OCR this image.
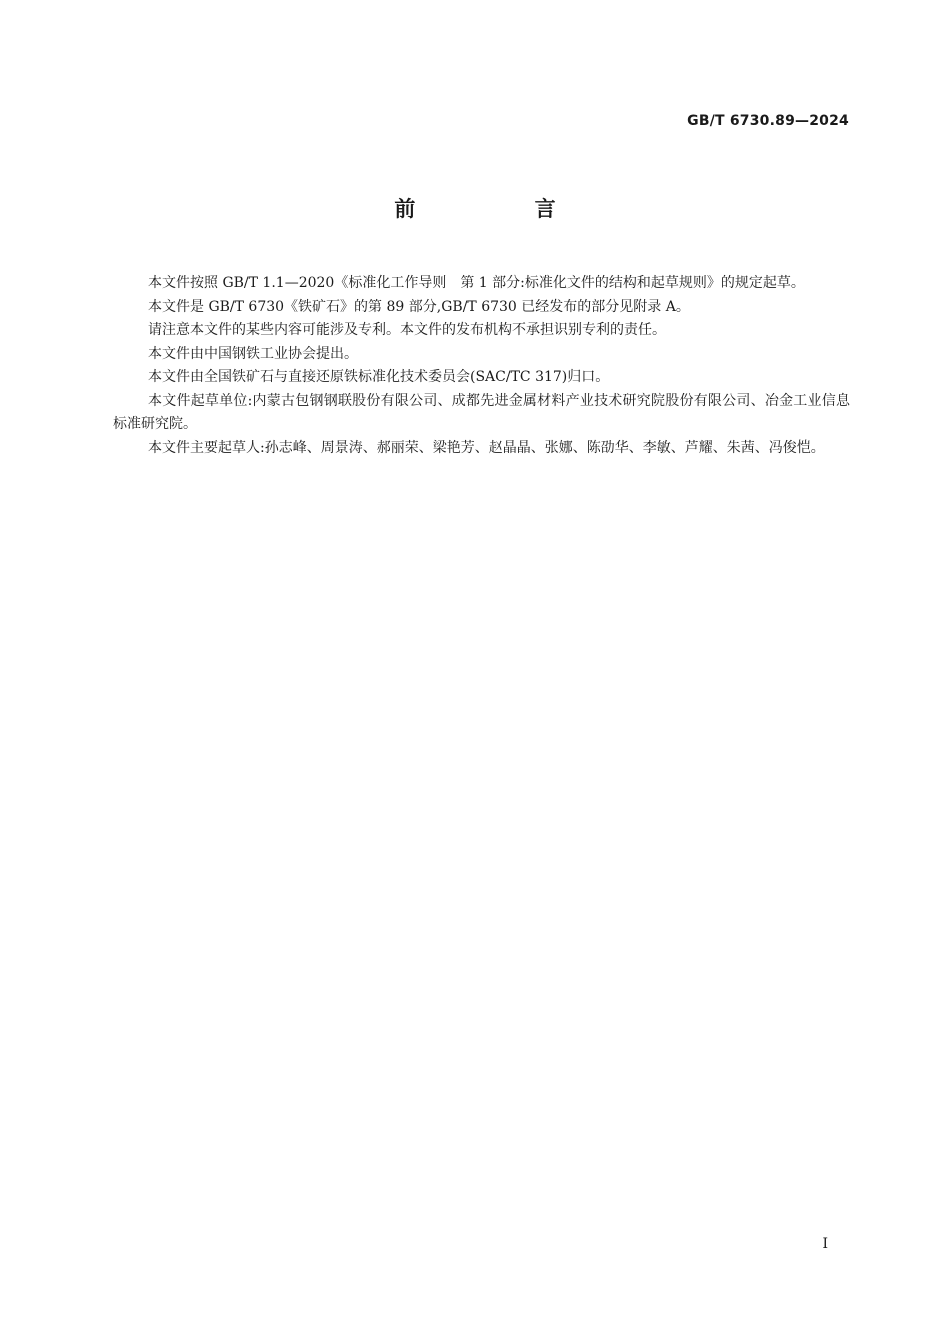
GB/T 6730.89—2024
前 言

本文件按照 GB/T 1.1—2020《标准化工作导则　第 1 部分:标准化文件的结构和起草规则》的规定起草。

本文件是 GB/T 6730《铁矿石》的第 89 部分,GB/T 6730 已经发布的部分见附录 A。

请注意本文件的某些内容可能涉及专利。本文件的发布机构不承担识别专利的责任。

本文件由中国钢铁工业协会提出。

本文件由全国铁矿石与直接还原铁标准化技术委员会(SAC/TC 317)归口。

本文件起草单位:内蒙古包钢钢联股份有限公司、成都先进金属材料产业技术研究院股份有限公司、冶金工业信息标准研究院。

本文件主要起草人:孙志峰、周景涛、郝丽荣、梁艳芳、赵晶晶、张娜、陈劭华、李敏、芦耀、朱茜、冯俊恺。

I
